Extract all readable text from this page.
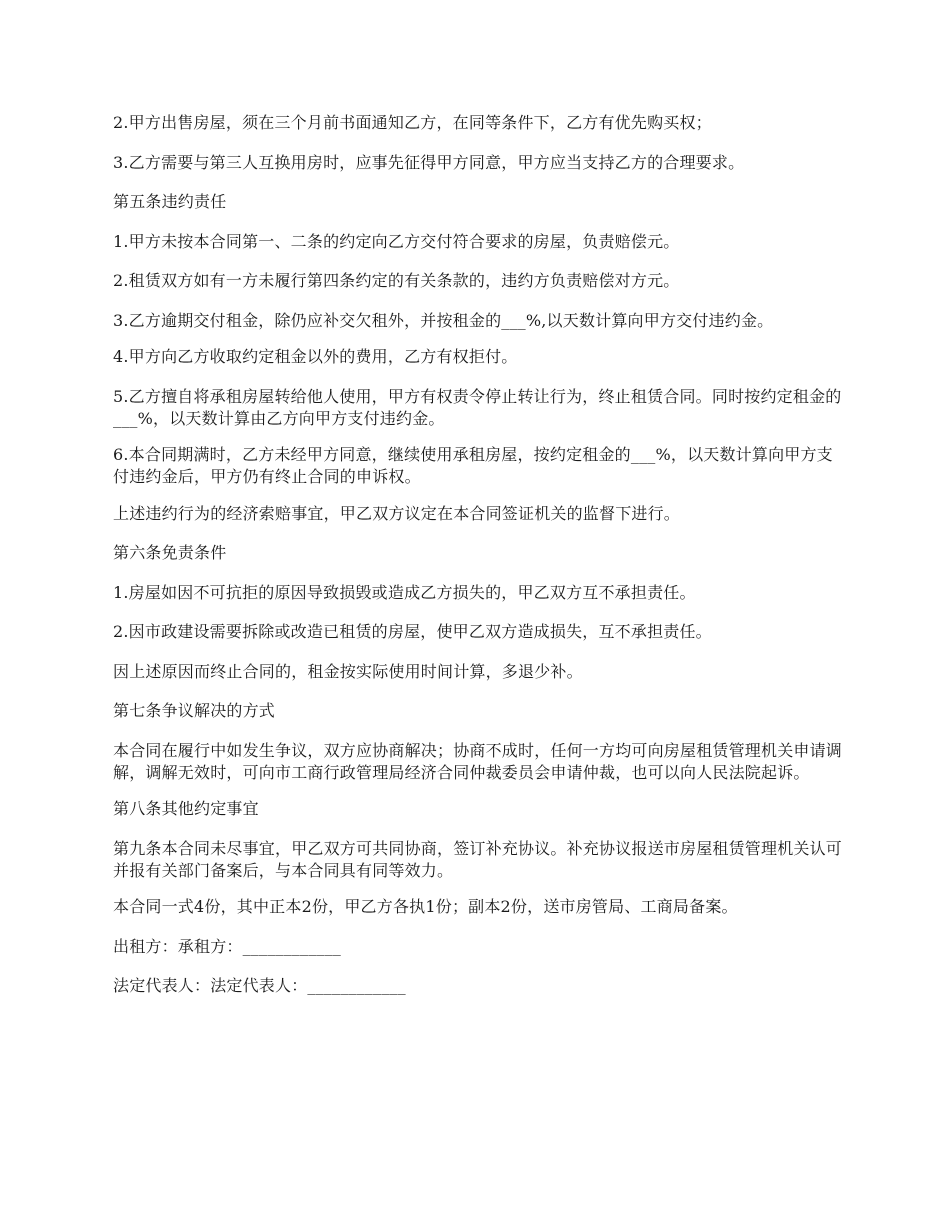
2.甲方出售房屋，须在三个月前书面通知乙方，在同等条件下，乙方有优先购买权；

3.乙方需要与第三人互换用房时，应事先征得甲方同意，甲方应当支持乙方的合理要求。

第五条违约责任

1.甲方未按本合同第一、二条的约定向乙方交付符合要求的房屋，负责赔偿元。

2.租赁双方如有一方未履行第四条约定的有关条款的，违约方负责赔偿对方元。

3.乙方逾期交付租金，除仍应补交欠租外，并按租金的___%,以天数计算向甲方交付违约金。

4.甲方向乙方收取约定租金以外的费用，乙方有权拒付。

5.乙方擅自将承租房屋转给他人使用，甲方有权责令停止转让行为，终止租赁合同。同时按约定租金的___%，以天数计算由乙方向甲方支付违约金。

6.本合同期满时，乙方未经甲方同意，继续使用承租房屋，按约定租金的___%，以天数计算向甲方支付违约金后，甲方仍有终止合同的申诉权。

上述违约行为的经济索赔事宜，甲乙双方议定在本合同签证机关的监督下进行。

第六条免责条件

1.房屋如因不可抗拒的原因导致损毁或造成乙方损失的，甲乙双方互不承担责任。

2.因市政建设需要拆除或改造已租赁的房屋，使甲乙双方造成损失，互不承担责任。

因上述原因而终止合同的，租金按实际使用时间计算，多退少补。

第七条争议解决的方式

本合同在履行中如发生争议，双方应协商解决；协商不成时，任何一方均可向房屋租赁管理机关申请调解，调解无效时，可向市工商行政管理局经济合同仲裁委员会申请仲裁，也可以向人民法院起诉。

第八条其他约定事宜

第九条本合同未尽事宜，甲乙双方可共同协商，签订补充协议。补充协议报送市房屋租赁管理机关认可并报有关部门备案后，与本合同具有同等效力。

本合同一式4份，其中正本2份，甲乙方各执1份；副本2份，送市房管局、工商局备案。

出租方：承租方：____________

法定代表人：法定代表人：____________
